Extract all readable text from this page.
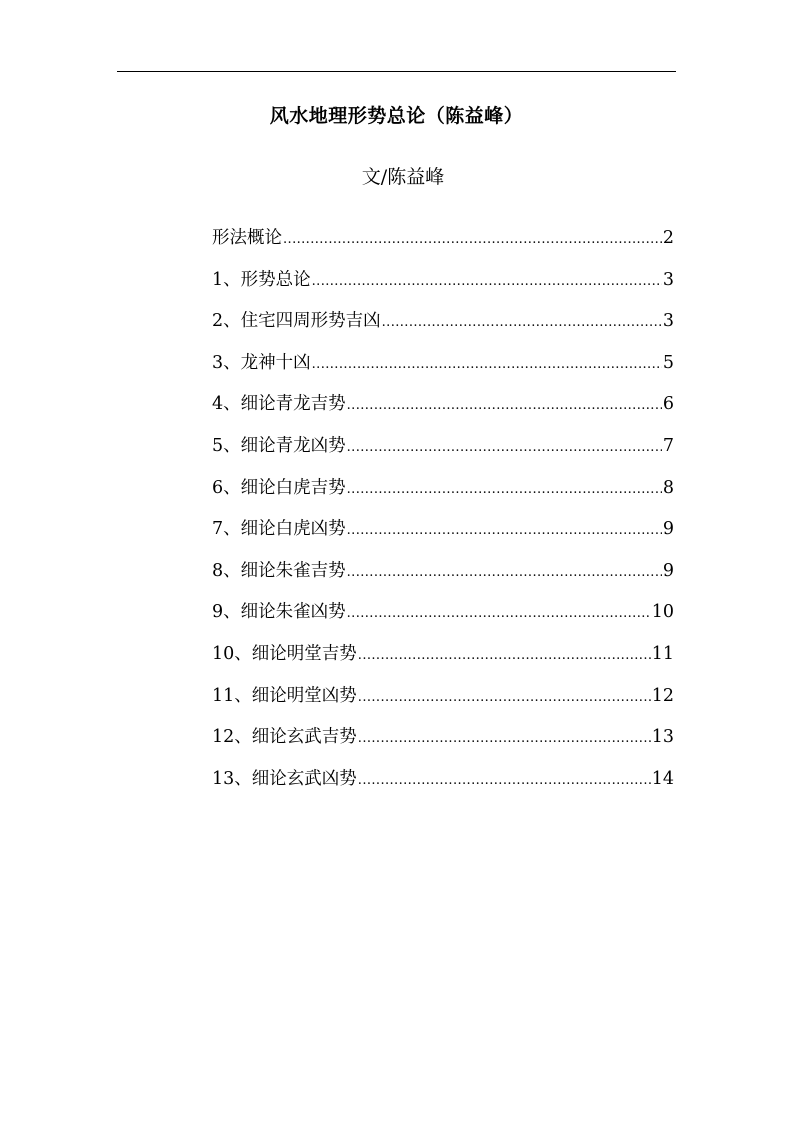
风水地理形势总论（陈益峰）
文/陈益峰
形法概论 .....	2
1、形势总论 .....	3
2、住宅四周形势吉凶 .....	3
3、龙神十凶 .....	5
4、细论青龙吉势 .....	6
5、细论青龙凶势 .....	7
6、细论白虎吉势 .....	8
7、细论白虎凶势 .....	9
8、细论朱雀吉势 .....	9
9、细论朱雀凶势 .....	10
10、细论明堂吉势 .....	11
11、细论明堂凶势 .....	12
12、细论玄武吉势 .....	13
13、细论玄武凶势 .....	14
